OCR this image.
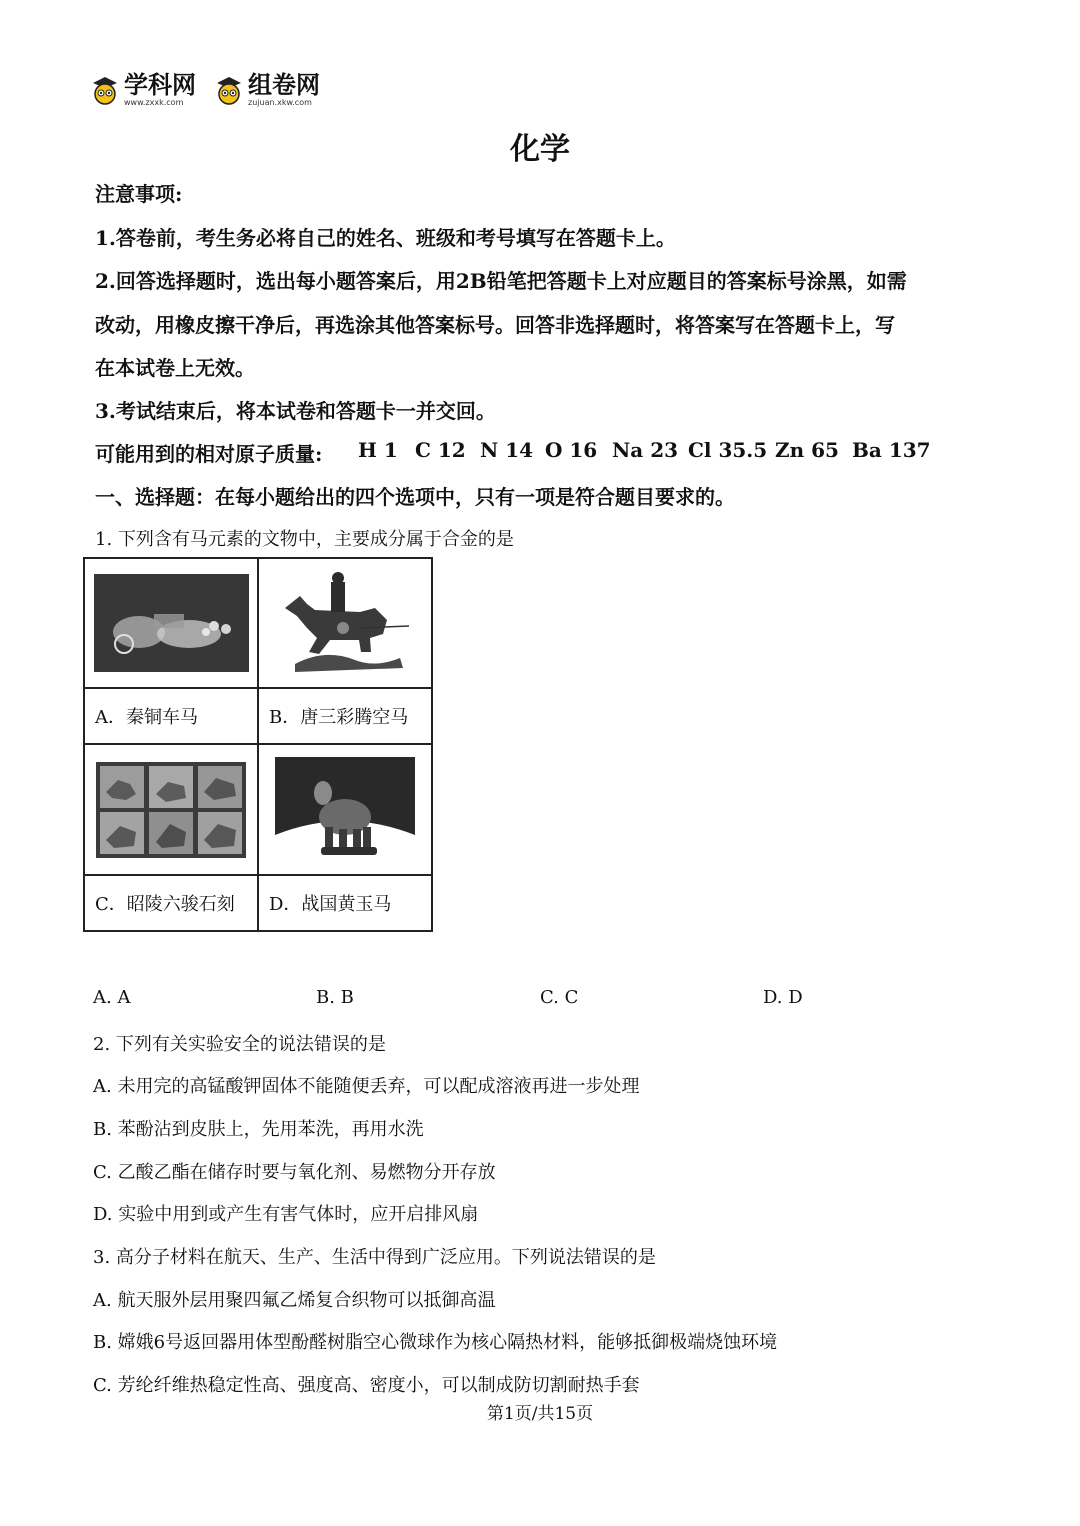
学科网
www.zxxk.com
组卷网
zujuan.xkw.com
化学
注意事项:
1.答卷前，考生务必将自己的姓名、班级和考号填写在答题卡上。
2.回答选择题时，选出每小题答案后，用2B铅笔把答题卡上对应题目的答案标号涂黑，如需
改动，用橡皮擦干净后，再选涂其他答案标号。回答非选择题时，将答案写在答题卡上，写
在本试卷上无效。
3.考试结束后，将本试卷和答题卡一并交回。
可能用到的相对原子质量: H 1 C 12 N 14 O 16 Na 23 Cl 35.5 Zn 65 Ba 137
一、选择题：在每小题给出的四个选项中，只有一项是符合题目要求的。
1. 下列含有马元素的文物中，主要成分属于合金的是

A．秦铜车马	B．唐三彩腾空马

C．昭陵六骏石刻	D．战国黄玉马
A. A	B. B	C. C	D. D
2. 下列有关实验安全的说法错误的是
A. 未用完的高锰酸钾固体不能随便丢弃，可以配成溶液再进一步处理
B. 苯酚沾到皮肤上，先用苯洗，再用水洗
C. 乙酸乙酯在储存时要与氧化剂、易燃物分开存放
D. 实验中用到或产生有害气体时，应开启排风扇
3. 高分子材料在航天、生产、生活中得到广泛应用。下列说法错误的是
A. 航天服外层用聚四氟乙烯复合织物可以抵御高温
B. 嫦娥6号返回器用体型酚醛树脂空心微球作为核心隔热材料，能够抵御极端烧蚀环境
C. 芳纶纤维热稳定性高、强度高、密度小，可以制成防切割耐热手套
第1页/共15页
